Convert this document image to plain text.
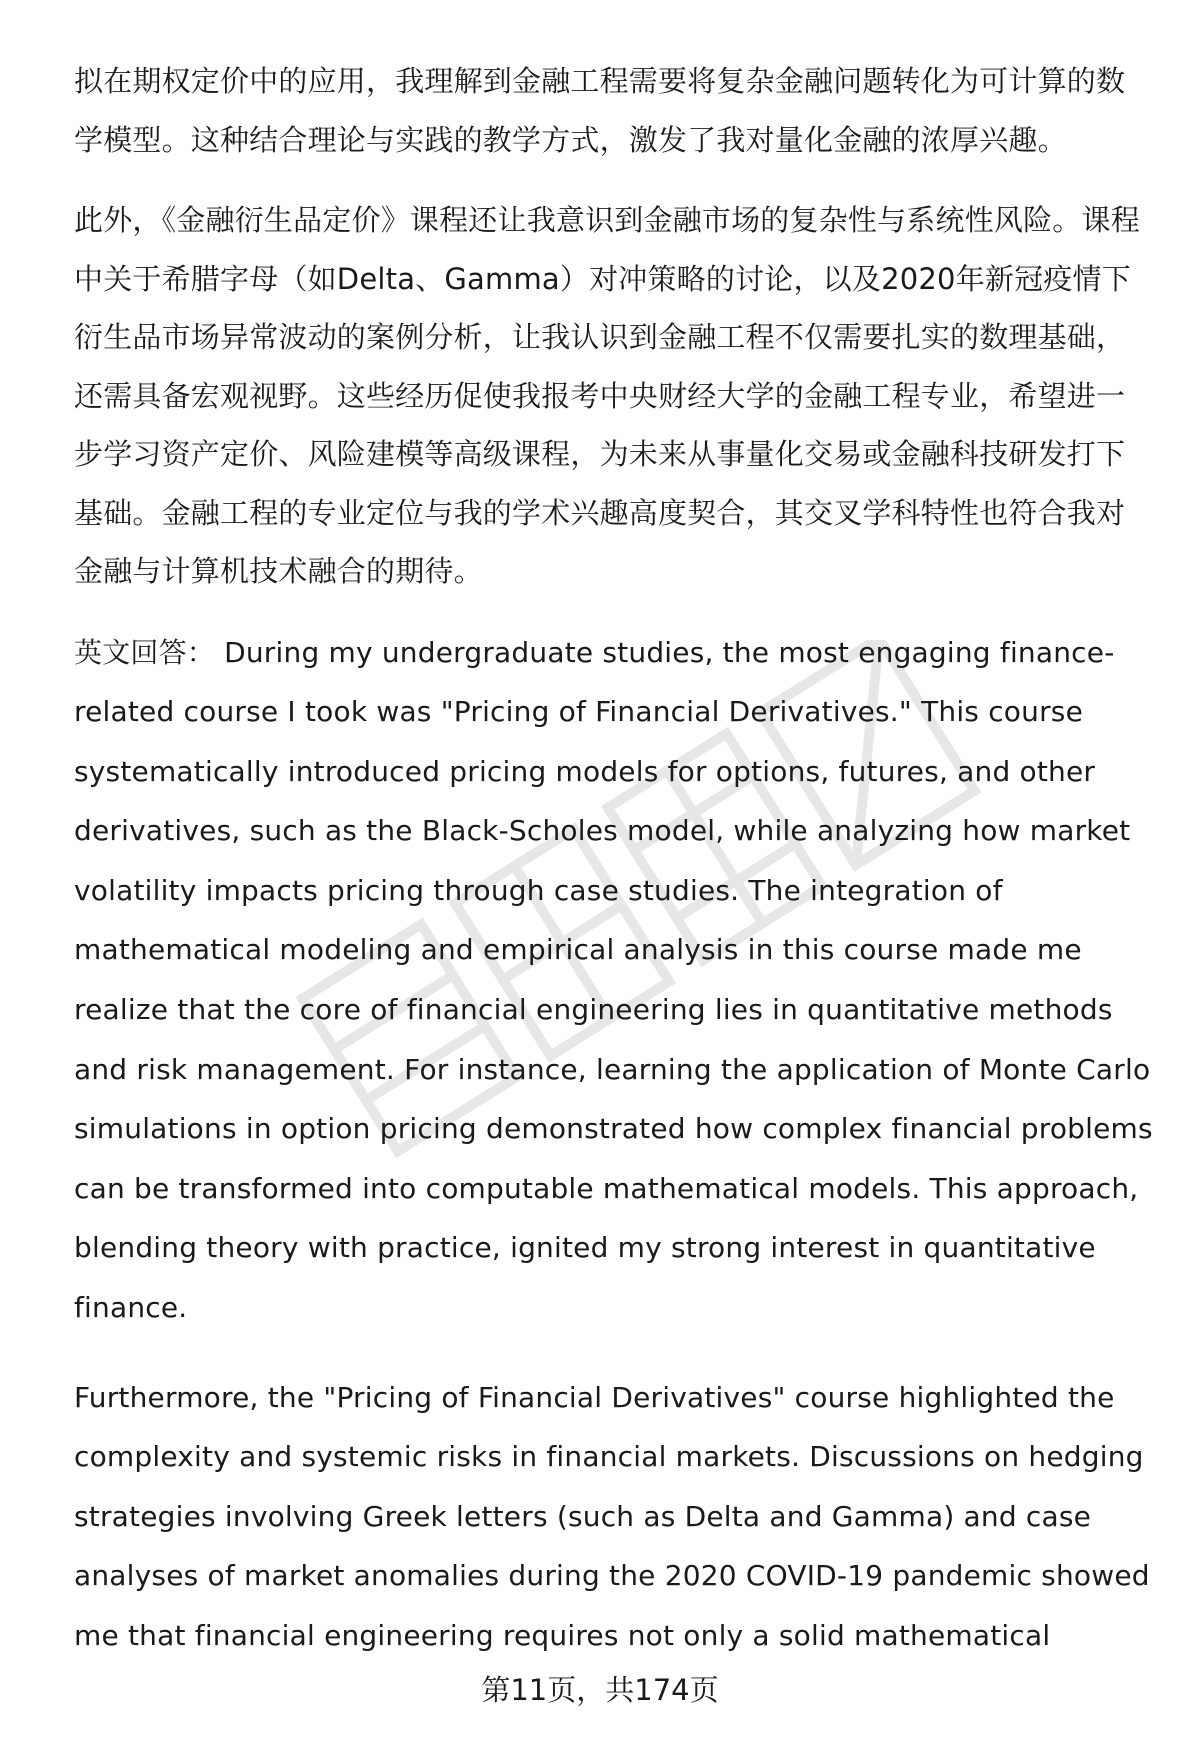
拟在期权定价中的应用，我理解到金融工程需要将复杂金融问题转化为可计算的数学模型。这种结合理论与实践的教学方式，激发了我对量化金融的浓厚兴趣。

此外，《金融衍生品定价》课程还让我意识到金融市场的复杂性与系统性风险。课程中关于希腊字母（如Delta、Gamma）对冲策略的讨论，以及2020年新冠疫情下衍生品市场异常波动的案例分析，让我认识到金融工程不仅需要扎实的数理基础，还需具备宏观视野。这些经历促使我报考中央财经大学的金融工程专业，希望进一步学习资产定价、风险建模等高级课程，为未来从事量化交易或金融科技研发打下基础。金融工程的专业定位与我的学术兴趣高度契合，其交叉学科特性也符合我对金融与计算机技术融合的期待。

英文回答： During my undergraduate studies, the most engaging finance-related course I took was "Pricing of Financial Derivatives." This course systematically introduced pricing models for options, futures, and other derivatives, such as the Black-Scholes model, while analyzing how market volatility impacts pricing through case studies. The integration of mathematical modeling and empirical analysis in this course made me realize that the core of financial engineering lies in quantitative methods and risk management. For instance, learning the application of Monte Carlo simulations in option pricing demonstrated how complex financial problems can be transformed into computable mathematical models. This approach, blending theory with practice, ignited my strong interest in quantitative finance.

Furthermore, the "Pricing of Financial Derivatives" course highlighted the complexity and systemic risks in financial markets. Discussions on hedging strategies involving Greek letters (such as Delta and Gamma) and case analyses of market anomalies during the 2020 COVID-19 pandemic showed me that financial engineering requires not only a solid mathematical

第11页，共174页
